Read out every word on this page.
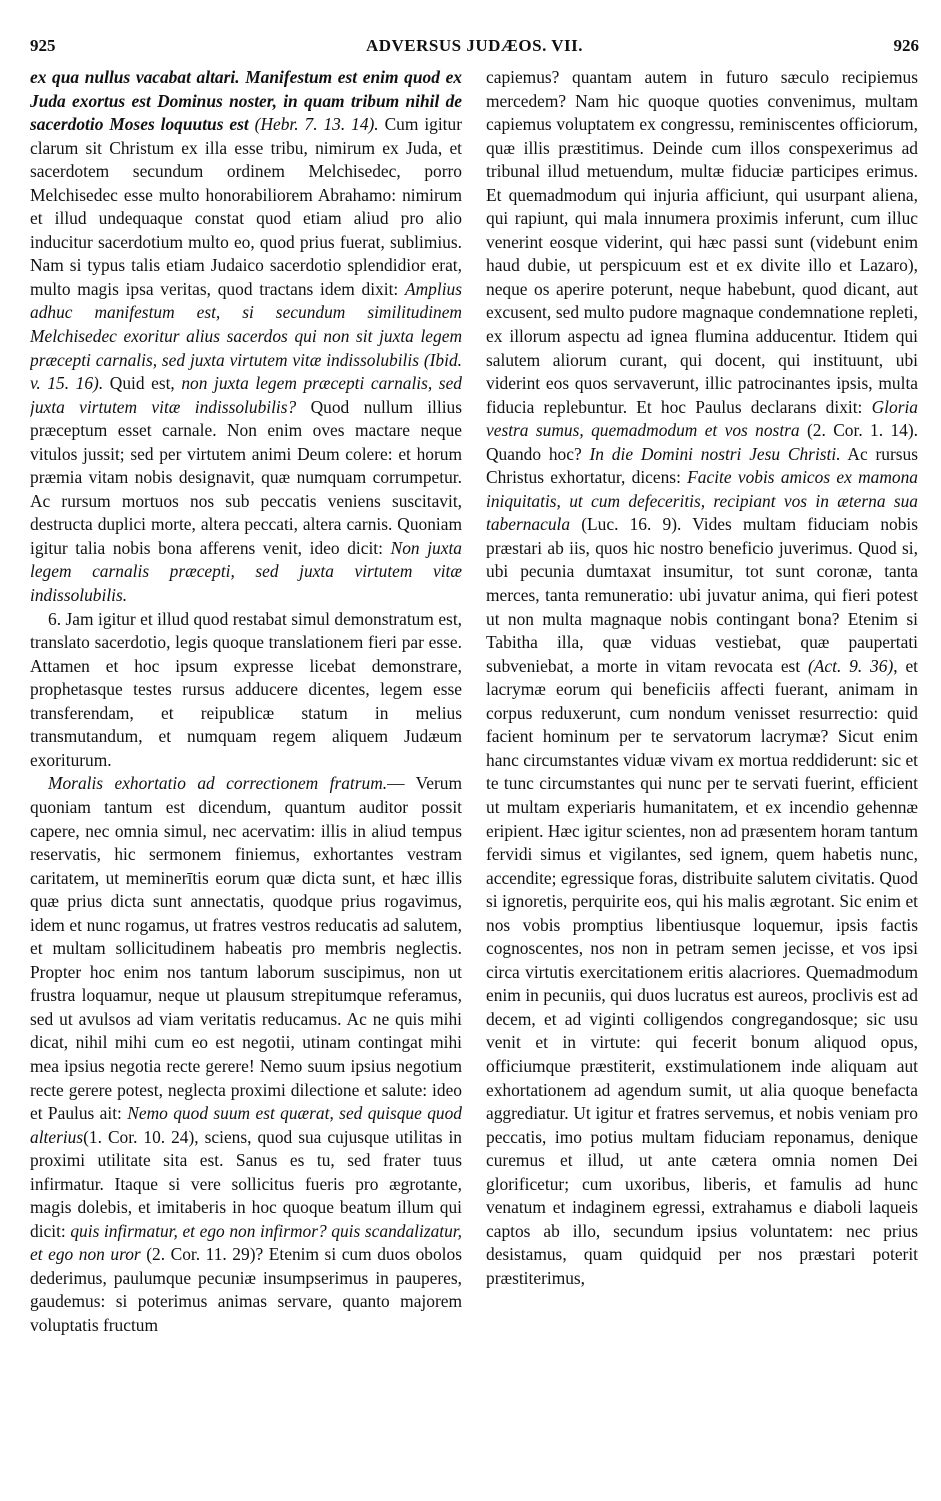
925	ADVERSUS JUDÆOS. VII.	926

ex qua nullus vacabat altari. Manifestum est enim quod ex Juda exortus est Dominus noster, in quam tribum nihil de sacerdotio Moses loquutus est (Hebr. 7. 13. 14). Cum igitur clarum sit Christum ex illa esse tribu, nimirum ex Juda, et sacerdotem secundum ordinem Melchisedec, porro Melchisedec esse multo honorabiliorem Abrahamo: nimirum et illud undequaque constat quod etiam aliud pro alio inducitur sacerdotium multo eo, quod prius fuerat, sublimius. Nam si typus talis etiam Judaico sacerdotio splendidior erat, multo magis ipsa veritas, quod tractans idem dixit: Amplius adhuc manifestum est, si secundum similitudinem Melchisedec exoritur alius sacerdos qui non sit juxta legem præcepti carnalis, sed juxta virtutem vitæ indissolubilis (Ibid. v. 15. 16). Quid est, non juxta legem præcepti carnalis, sed juxta virtutem vitæ indissolubilis? Quod nullum illius præceptum esset carnale. Non enim oves mactare neque vitulos jussit; sed per virtutem animi Deum colere: et horum præmia vitam nobis designavit, quæ numquam corrumpetur. Ac rursum mortuos nos sub peccatis veniens suscitavit, destructa duplici morte, altera peccati, altera carnis. Quoniam igitur talia nobis bona afferens venit, ideo dicit: Non juxta legem carnalis præcepti, sed juxta virtutem vitæ indissolubilis.

6. Jam igitur et illud quod restabat simul demonstratum est, translato sacerdotio, legis quoque translationem fieri par esse. Attamen et hoc ipsum expresse licebat demonstrare, prophetasque testes rursus adducere dicentes, legem esse transferendam, et reipublicæ statum in melius transmutandum, et numquam regem aliquem Judæum exoriturum.

Moralis exhortatio ad correctionem fratrum.— Verum quoniam tantum est dicendum, quantum auditor possit capere, nec omnia simul, nec acervatim: illis in aliud tempus reservatis, hic sermonem finiemus, exhortantes vestram caritatem, ut meminerītis eorum quæ dicta sunt, et hæc illis quæ prius dicta sunt annectatis, quodque prius rogavimus, idem et nunc rogamus, ut fratres vestros reducatis ad salutem, et multam sollicitudinem habeatis pro membris neglectis. Propter hoc enim nos tantum laborum suscipimus, non ut frustra loquamur, neque ut plausum strepitumque referamus, sed ut avulsos ad viam veritatis reducamus. Ac ne quis mihi dicat, nihil mihi cum eo est negotii, utinam contingat mihi mea ipsius negotia recte gerere! Nemo suum ipsius negotium recte gerere potest, neglecta proximi dilectione et salute: ideo et Paulus ait: Nemo quod suum est quærat, sed quisque quod alterius(1. Cor. 10. 24), sciens, quod sua cujusque utilitas in proximi utilitate sita est. Sanus es tu, sed frater tuus infirmatur. Itaque si vere sollicitus fueris pro ægrotante, magis dolebis, et imitaberis in hoc quoque beatum illum qui dicit: quis infirmatur, et ego non infirmor? quis scandalizatur, et ego non uror (2. Cor. 11. 29)? Etenim si cum duos obolos dederimus, paulumque pecuniæ insumpserimus in pauperes, gaudemus: si poterimus animas servare, quanto majorem voluptatis fructum

capiemus? quantam autem in futuro sæculo recipiemus mercedem? Nam hic quoque quoties convenimus, multam capiemus voluptatem ex congressu, reminiscentes officiorum, quæ illis præstitimus. Deinde cum illos conspexerimus ad tribunal illud metuendum, multæ fiduciæ participes erimus. Et quemadmodum qui injuria afficiunt, qui usurpant aliena, qui rapiunt, qui mala innumera proximis inferunt, cum illuc venerint eosque viderint, qui hæc passi sunt (videbunt enim haud dubie, ut perspicuum est et ex divite illo et Lazaro), neque os aperire poterunt, neque habebunt, quod dicant, aut excusent, sed multo pudore magnaque condemnatione repleti, ex illorum aspectu ad ignea flumina adducentur. Itidem qui salutem aliorum curant, qui docent, qui instituunt, ubi viderint eos quos servaverunt, illic patrocinantes ipsis, multa fiducia replebuntur. Et hoc Paulus declarans dixit: Gloria vestra sumus, quemadmodum et vos nostra (2. Cor. 1. 14). Quando hoc? In die Domini nostri Jesu Christi. Ac rursus Christus exhortatur, dicens: Facite vobis amicos ex mamona iniquitatis, ut cum defeceritis, recipiant vos in æterna sua tabernacula (Luc. 16. 9). Vides multam fiduciam nobis præstari ab iis, quos hic nostro beneficio juverimus. Quod si, ubi pecunia dumtaxat insumitur, tot sunt coronæ, tanta merces, tanta remuneratio: ubi juvatur anima, qui fieri potest ut non multa magnaque nobis contingant bona? Etenim si Tabitha illa, quæ viduas vestiebat, quæ paupertati subveniebat, a morte in vitam revocata est (Act. 9. 36), et lacrymæ eorum qui beneficiis affecti fuerant, animam in corpus reduxerunt, cum nondum venisset resurrectio: quid facient hominum per te servatorum lacrymæ? Sicut enim hanc circumstantes viduæ vivam ex mortua reddiderunt: sic et te tunc circumstantes qui nunc per te servati fuerint, efficient ut multam experiaris humanitatem, et ex incendio gehennæ eripient. Hæc igitur scientes, non ad præsentem horam tantum fervidi simus et vigilantes, sed ignem, quem habetis nunc, accendite; egressique foras, distribuite salutem civitatis. Quod si ignoretis, perquirite eos, qui his malis ægrotant. Sic enim et nos vobis promptius libentiusque loquemur, ipsis factis cognoscentes, nos non in petram semen jecisse, et vos ipsi circa virtutis exercitationem eritis alacriores. Quemadmodum enim in pecuniis, qui duos lucratus est aureos, proclivis est ad decem, et ad viginti colligendos congregandosque; sic usu venit et in virtute: qui fecerit bonum aliquod opus, officiumque præstiterit, exstimulationem inde aliquam aut exhortationem ad agendum sumit, ut alia quoque benefacta aggrediatur. Ut igitur et fratres servemus, et nobis veniam pro peccatis, imo potius multam fiduciam reponamus, denique curemus et illud, ut ante cætera omnia nomen Dei glorificetur; cum uxoribus, liberis, et famulis ad hunc venatum et indaginem egressi, extrahamus e diaboli laqueis captos ab illo, secundum ipsius voluntatem: nec prius desistamus, quam quidquid per nos præstari poterit præstiterimus,
